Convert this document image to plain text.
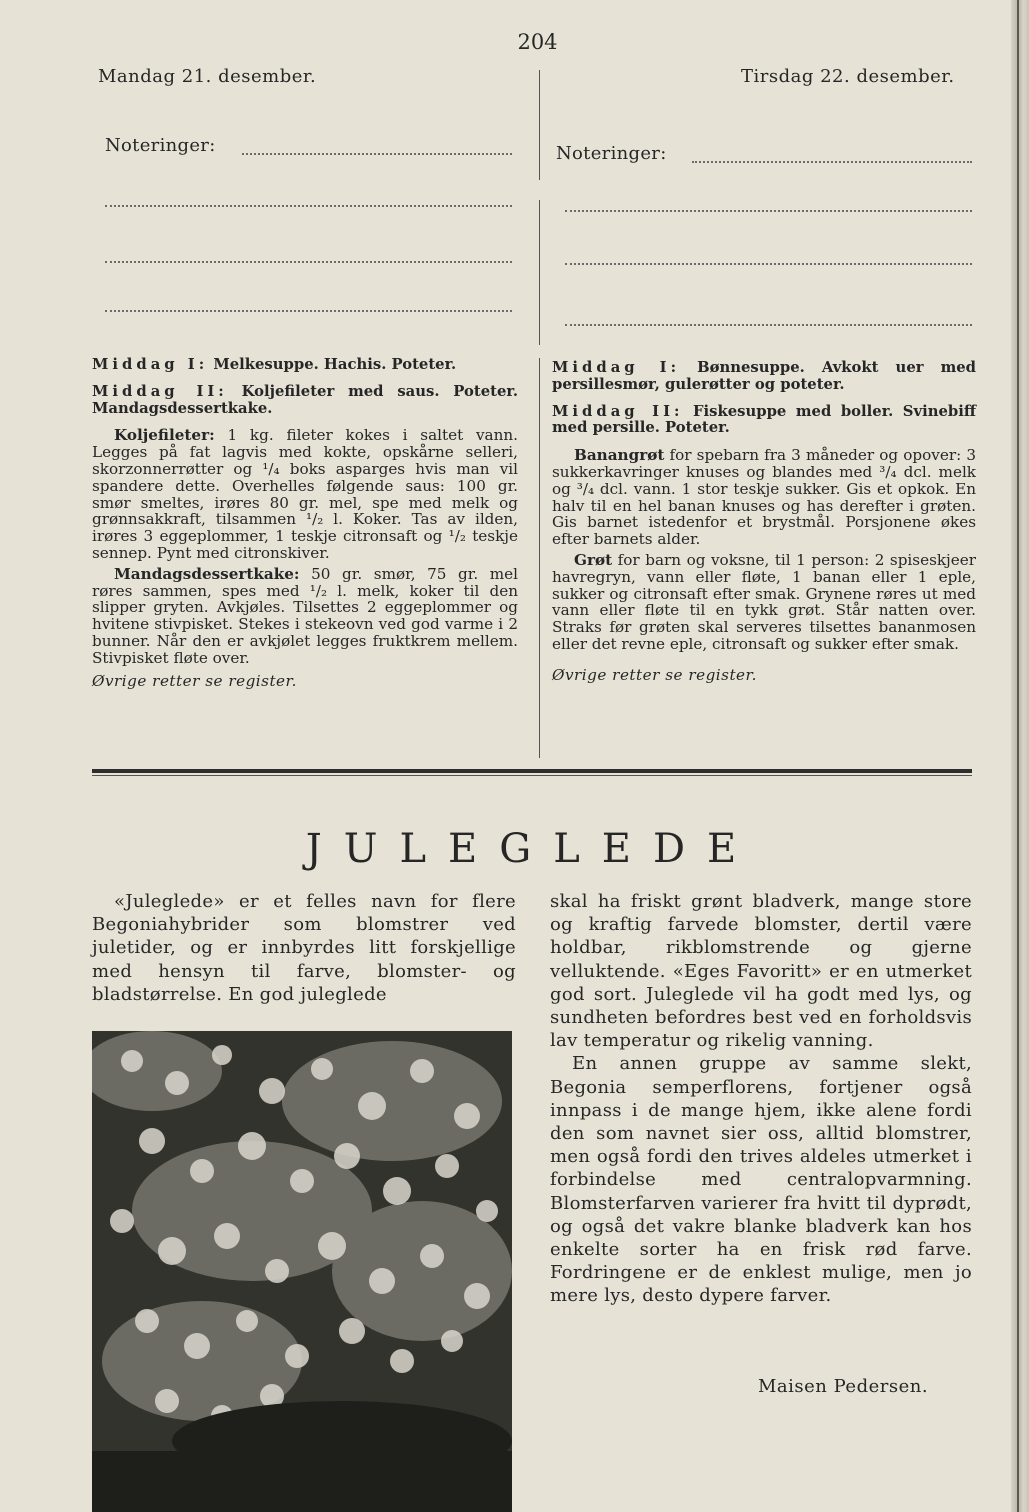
204
Mandag 21. desember.	Tirsdag 22. desember.
Noteringer:	Noteringer:

Middag I: Melkesuppe. Hachis. Poteter.

Middag II: Koljefileter med saus. Poteter. Mandagsdessertkake.

Koljefileter: 1 kg. fileter kokes i saltet vann. Legges på fat lagvis med kokte, opskårne selleri, skorzonnerrøtter og ¹/₄ boks asparges hvis man vil spandere dette. Overhelles følgende saus: 100 gr. smør smeltes, irøres 80 gr. mel, spe med melk og grønnsakkraft, tilsammen ¹/₂ l. Koker. Tas av ilden, irøres 3 eggeplommer, 1 teskje citronsaft og ¹/₂ teskje sennep. Pynt med citronskiver.

Mandagsdessertkake: 50 gr. smør, 75 gr. mel røres sammen, spes med ¹/₂ l. melk, koker til den slipper gryten. Avkjøles. Tilsettes 2 eggeplommer og hvitene stivpisket. Stekes i stekeovn ved god varme i 2 bunner. Når den er avkjølet legges fruktkrem mellem. Stivpisket fløte over.

Øvrige retter se register.

Middag I: Bønnesuppe. Avkokt uer med persillesmør, gulerøtter og poteter.

Middag II: Fiskesuppe med boller. Svinebiff med persille. Poteter.

Banangrøt for spebarn fra 3 måneder og opover: 3 sukkerkavringer knuses og blandes med ³/₄ dcl. melk og ³/₄ dcl. vann. 1 stor teskje sukker. Gis et opkok. En halv til en hel banan knuses og has derefter i grøten. Gis barnet istedenfor et brystmål. Porsjonene økes efter barnets alder.

Grøt for barn og voksne, til 1 person: 2 spiseskjeer havregryn, vann eller fløte, 1 banan eller 1 eple, sukker og citronsaft efter smak. Grynene røres ut med vann eller fløte til en tykk grøt. Står natten over. Straks før grøten skal serveres tilsettes bananmosen eller det revne eple, citronsaft og sukker efter smak.

Øvrige retter se register.

JULEGLEDE

«Juleglede» er et felles navn for flere Begoniahybrider som blomstrer ved juletider, og er innbyrdes litt forskjellige med hensyn til farve, blomster- og bladstørrelse. En god juleglede

skal ha friskt grønt bladverk, mange store og kraftig farvede blomster, dertil være holdbar, rikblomstrende og gjerne velluktende. «Eges Favoritt» er en utmerket god sort. Juleglede vil ha godt med lys, og sundheten befordres best ved en forholdsvis lav temperatur og rikelig vanning.

En annen gruppe av samme slekt, Begonia semperflorens, fortjener også innpass i de mange hjem, ikke alene fordi den som navnet sier oss, alltid blomstrer, men også fordi den trives aldeles utmerket i forbindelse med centralopvarmning. Blomsterfarven varierer fra hvitt til dyprødt, og også det vakre blanke bladverk kan hos enkelte sorter ha en frisk rød farve. Fordringene er de enklest mulige, men jo mere lys, desto dypere farver.

Maisen Pedersen.
